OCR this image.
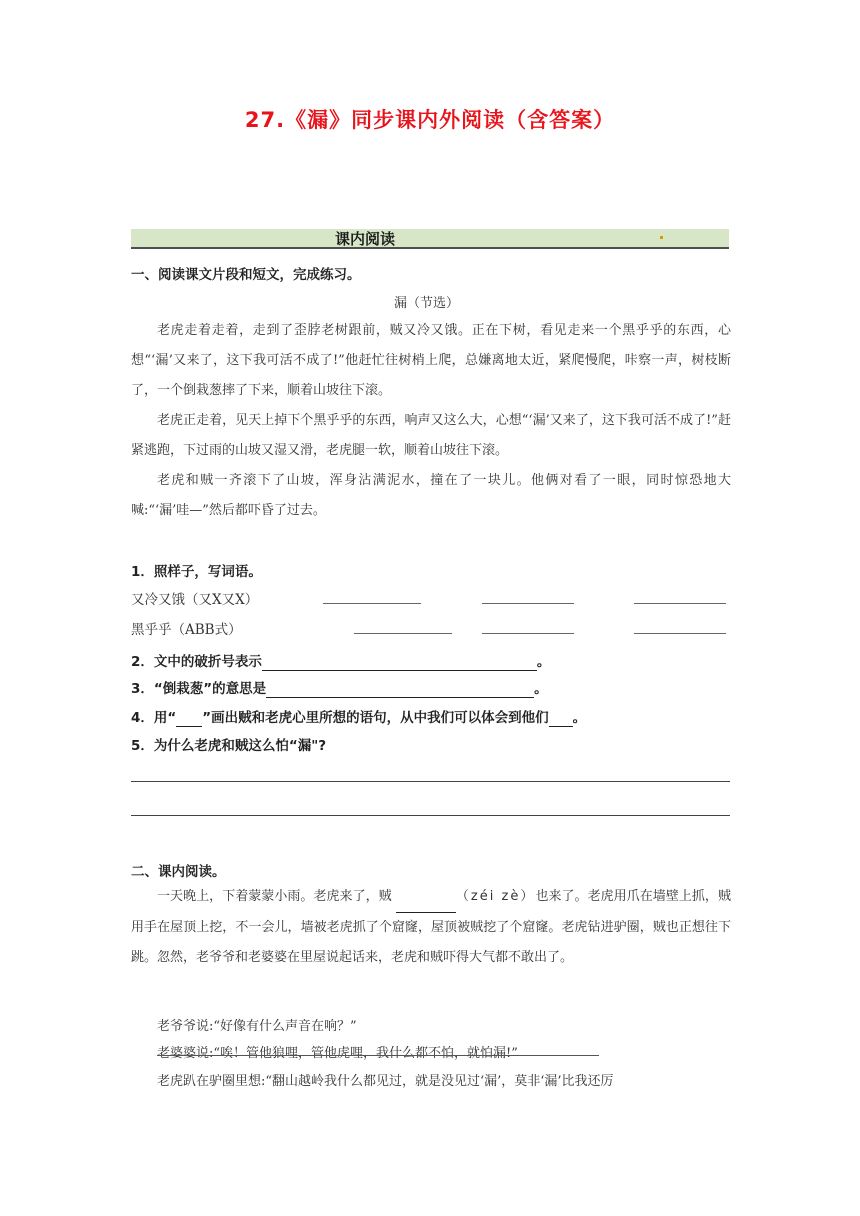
27.《漏》同步课内外阅读（含答案）
课内阅读
一、阅读课文片段和短文，完成练习。
漏（节选）
老虎走着走着，走到了歪脖老树跟前，贼又冷又饿。正在下树，看见走来一个黑乎乎的东西，心想“‘漏’又来了，这下我可活不成了!”他赶忙往树梢上爬，总嫌离地太近，紧爬慢爬，咔察一声，树枝断了，一个倒栽葱摔了下来，顺着山坡往下滚。
老虎正走着，见天上掉下个黑乎乎的东西，响声又这么大，心想“‘漏’又来了，这下我可活不成了!”赶紧逃跑，下过雨的山坡又湿又滑，老虎腿一软，顺着山坡往下滚。
老虎和贼一齐滚下了山坡，浑身沾满泥水，撞在了一块儿。他俩对看了一眼，同时惊恐地大喊:“‘漏’哇—”然后都吓昏了过去。
1．照样子，写词语。
又冷又饿（又X又X）
黑乎乎（ABB式）
2．文中的破折号表示	。
3．“倒栽葱”的意思是	。
4．用“ ”画出贼和老虎心里所想的语句，从中我们可以体会到他们 。
5．为什么老虎和贼这么怕“漏"?
二、课内阅读。
一天晚上，下着蒙蒙小雨。老虎来了，贼	（zéi zè）也来了。老虎用爪在墙壁上抓，贼用手在屋顶上挖，不一会儿，墙被老虎抓了个窟窿，屋顶被贼挖了个窟窿。老虎钻进驴圈，贼也正想往下跳。忽然，老爷爷和老婆婆在里屋说起话来，老虎和贼吓得大气都不敢出了。
老爷爷说:“好像有什么声音在响？”
老婆婆说:“唉！管他狼哩，管他虎哩，我什么都不怕，就怕漏!”
老虎趴在驴圈里想:“翻山越岭我什么都见过，就是没见过‘漏’，莫非‘漏’比我还厉
